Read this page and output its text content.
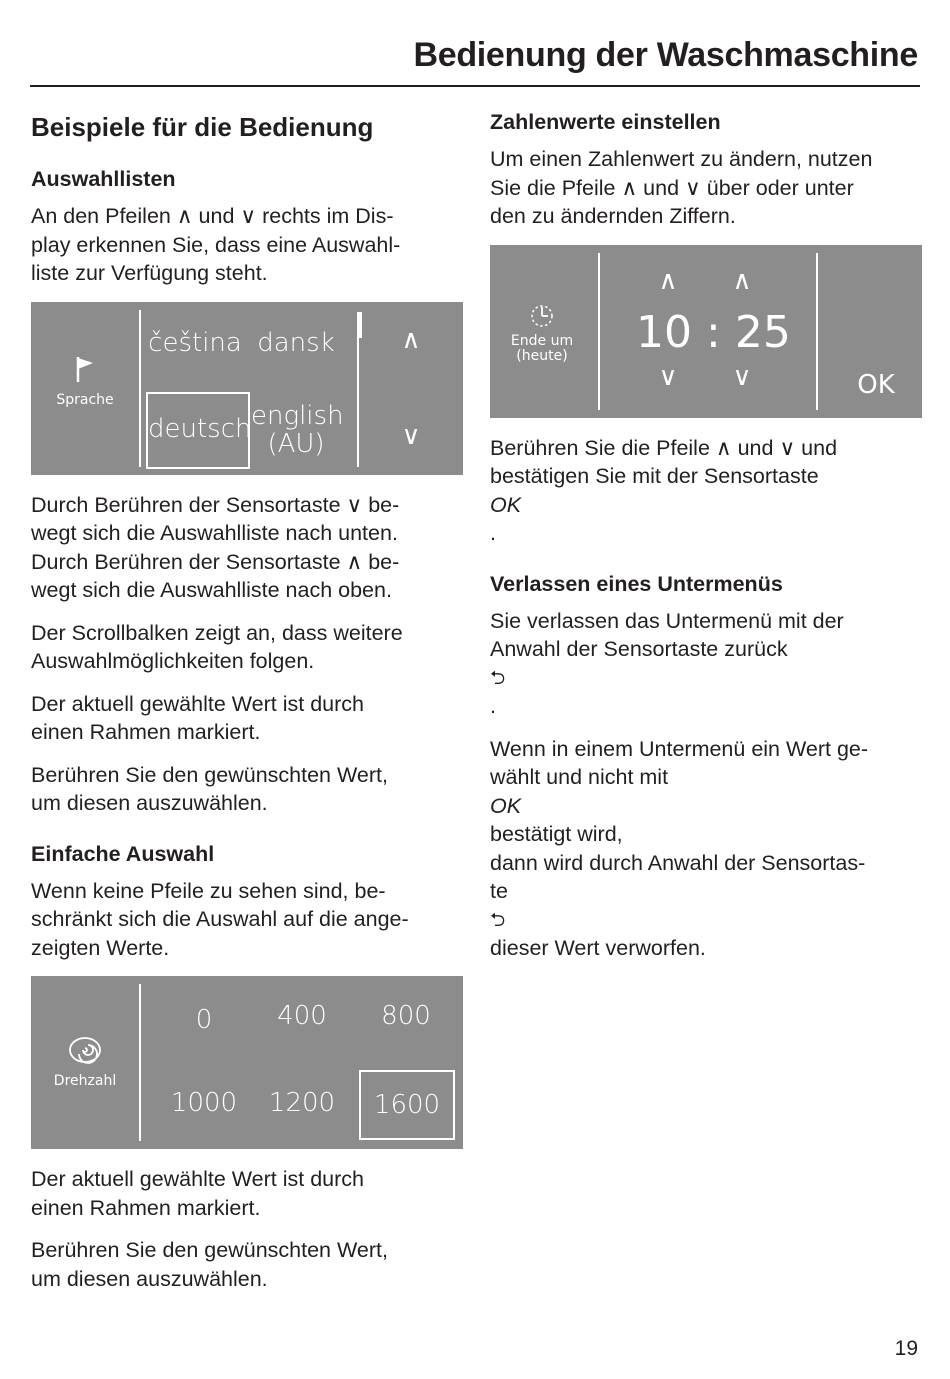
Bedienung der Waschmaschine
Beispiele für die Bedienung
Auswahllisten

An den Pfeilen ∧ und ∨ rechts im Dis-
play erkennen Sie, dass eine Auswahl-
liste zur Verfügung steht.

Sprache
čeština dansk
deutsch english (AU)
∧
∨

Durch Berühren der Sensortaste ∨ be-
wegt sich die Auswahlliste nach unten.
Durch Berühren der Sensortaste ∧ be-
wegt sich die Auswahlliste nach oben.

Der Scrollbalken zeigt an, dass weitere
Auswahlmöglichkeiten folgen.

Der aktuell gewählte Wert ist durch
einen Rahmen markiert.

Berühren Sie den gewünschten Wert,
um diesen auszuwählen.

Einfache Auswahl

Wenn keine Pfeile zu sehen sind, be-
schränkt sich die Auswahl auf die ange-
zeigten Werte.

Drehzahl
0	400	800
1000	1200	1600

Der aktuell gewählte Wert ist durch
einen Rahmen markiert.

Berühren Sie den gewünschten Wert,
um diesen auszuwählen.

Zahlenwerte einstellen

Um einen Zahlenwert zu ändern, nutzen
Sie die Pfeile ∧ und ∨ über oder unter
den zu ändernden Ziffern.

Ende um
(heute)
∧	∧
10 : 25
∨	∨	OK

Berühren Sie die Pfeile ∧ und ∨ und
bestätigen Sie mit der Sensortaste
OK
.

Verlassen eines Untermenüs

Sie verlassen das Untermenü mit der
Anwahl der Sensortaste zurück
⮌
.

Wenn in einem Untermenü ein Wert ge-
wählt und nicht mit
OK
bestätigt wird,
dann wird durch Anwahl der Sensortas-
te
⮌
dieser Wert verworfen.

19
